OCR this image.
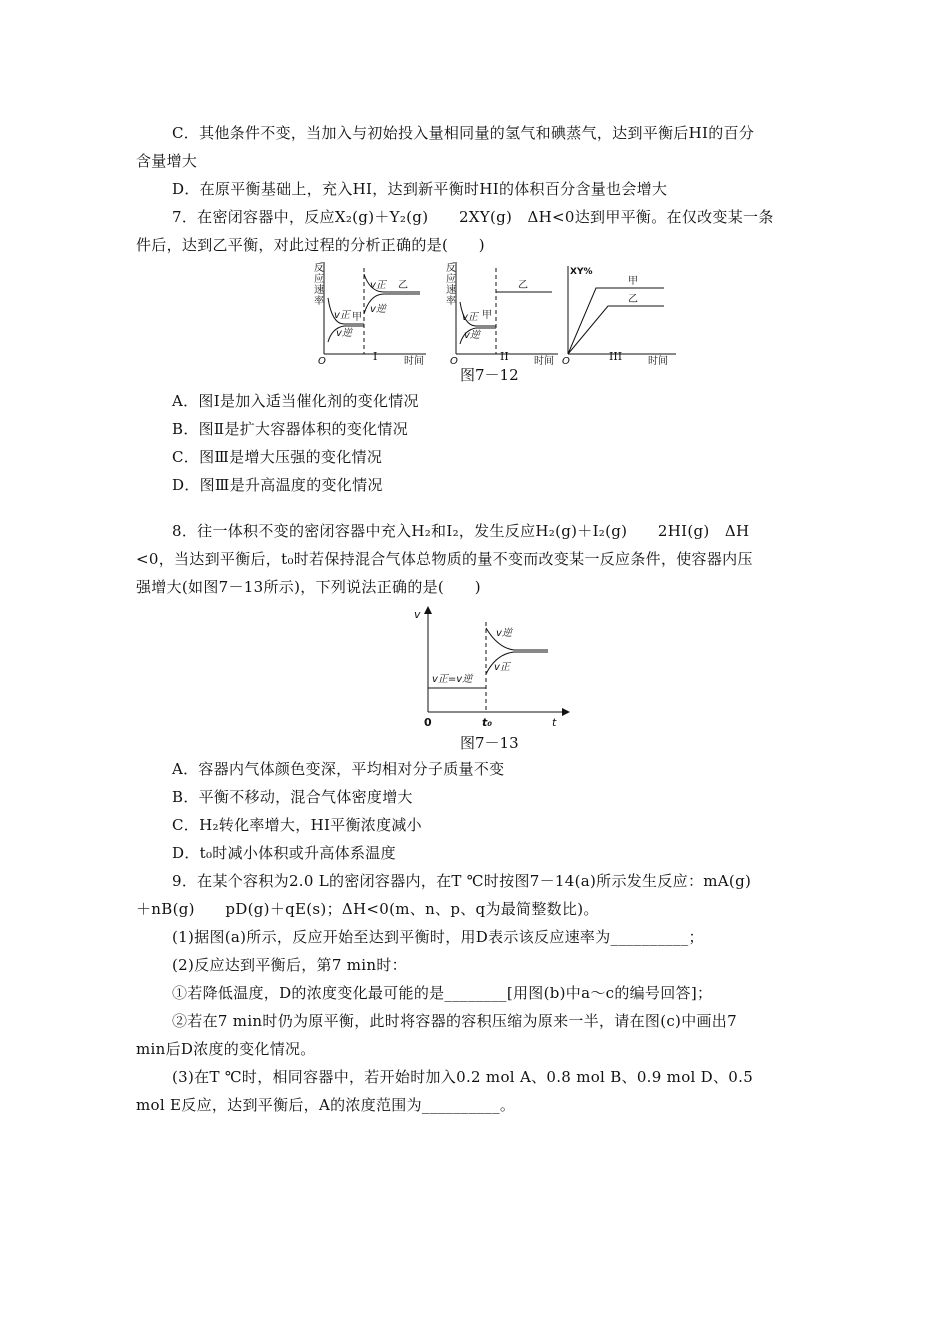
C．其他条件不变，当加入与初始投入量相同量的氢气和碘蒸气，达到平衡后HI的百分
含量增大
D．在原平衡基础上，充入HI，达到新平衡时HI的体积百分含量也会增大
7．在密闭容器中，反应X₂(g)＋Y₂(g)　　2XY(g)　ΔH<0达到甲平衡。在仅改变某一条
件后，达到乙平衡，对此过程的分析正确的是(　　)
反
应
速
率
v正
v逆
甲
v正
v逆
乙
O	时间
I
反
应
速
率
v正
v逆
甲
乙
O	时间
II
XY%
甲
乙
O	时间
III
图7－12
A．图Ⅰ是加入适当催化剂的变化情况
B．图Ⅱ是扩大容器体积的变化情况
C．图Ⅲ是增大压强的变化情况
D．图Ⅲ是升高温度的变化情况
8．往一体积不变的密闭容器中充入H₂和I₂，发生反应H₂(g)＋I₂(g)　　2HI(g)　ΔH
<0，当达到平衡后，t₀时若保持混合气体总物质的量不变而改变某一反应条件，使容器内压
强增大(如图7－13所示)，下列说法正确的是(　　)
v
v正=v逆
v逆
v正
0	t₀	t
图7－13
A．容器内气体颜色变深，平均相对分子质量不变
B．平衡不移动，混合气体密度增大
C．H₂转化率增大，HI平衡浓度减小
D．t₀时减小体积或升高体系温度
9．在某个容积为2.0 L的密闭容器内，在T ℃时按图7－14(a)所示发生反应：mA(g)
＋nB(g)　　pD(g)＋qE(s)；ΔH<0(m、n、p、q为最简整数比)。
(1)据图(a)所示，反应开始至达到平衡时，用D表示该反应速率为__________；
(2)反应达到平衡后，第7 min时：
①若降低温度，D的浓度变化最可能的是________[用图(b)中a～c的编号回答]；
②若在7 min时仍为原平衡，此时将容器的容积压缩为原来一半，请在图(c)中画出7
min后D浓度的变化情况。
(3)在T ℃时，相同容器中，若开始时加入0.2 mol A、0.8 mol B、0.9 mol D、0.5
mol E反应，达到平衡后，A的浓度范围为__________。
